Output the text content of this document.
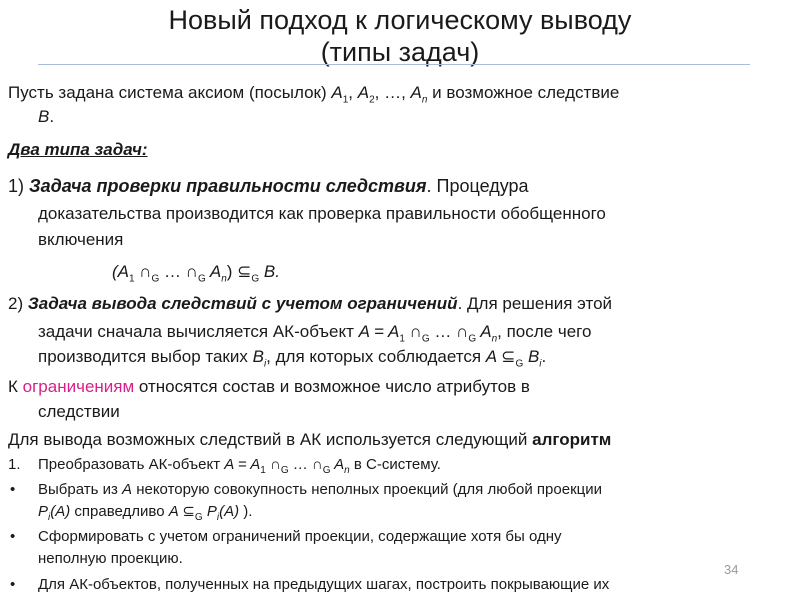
Новый подход к логическому выводу
(типы задач)
Пусть задана система аксиом (посылок) $A_1$, $A_2$, …, $A_n$ и возможное следствие
B.
Два типа задач:
1) Задача проверки правильности следствия. Процедура
доказательства производится как проверка правильности обобщенного
включения
($A_1$ $\cap_G$ … $\cap_G$ $A_n$) $⊆_G$ B.
2) Задача вывода следствий с учетом ограничений. Для решения этой
задачи сначала вычисляется АК-объект $A = A_1$ $\cap_G$ … $\cap_G$ $A_n$, после чего
производится выбор таких $B_i$, для которых соблюдается A $⊆_G$ $B_i$.
К ограничениям относятся состав и возможное число атрибутов в
следствии
Для вывода возможных следствий в АК используется следующий алгоритм
1. Преобразовать АК-объект $A = A_1$ $\cap_G$ … $\cap_G$ $A_n$ в С-систему.
• Выбрать из A некоторую совокупность неполных проекций (для любой проекции
$P_i(A)$ справедливо A $⊆_G$ $P_i(A)$ ).
• Сформировать с учетом ограничений проекции, содержащие хотя бы одну
неполную проекцию.
• Для АК-объектов, полученных на предыдущих шагах, построить покрывающие их
34
